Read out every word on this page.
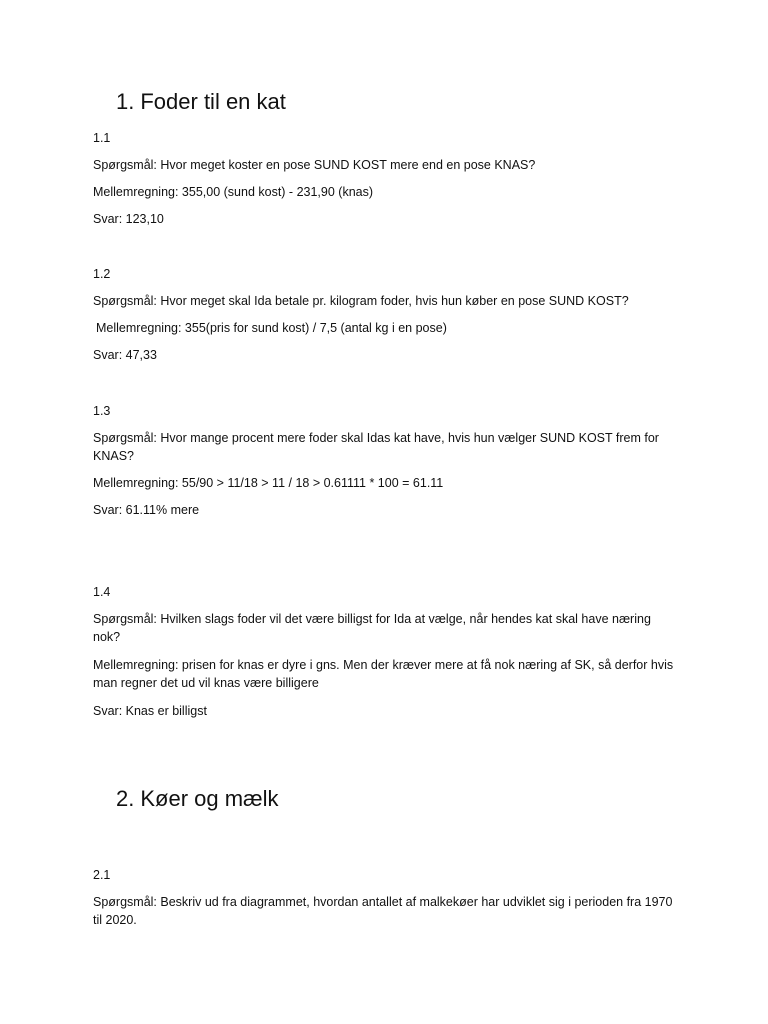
1. Foder til en kat
1.1
Spørgsmål: Hvor meget koster en pose SUND KOST mere end en pose KNAS?
Mellemregning: 355,00 (sund kost) - 231,90 (knas)
Svar: 123,10
1.2
Spørgsmål: Hvor meget skal Ida betale pr. kilogram foder, hvis hun køber en pose SUND KOST?
Mellemregning: 355(pris for sund kost) / 7,5 (antal kg i en pose)
Svar: 47,33
1.3
Spørgsmål: Hvor mange procent mere foder skal Idas kat have, hvis hun vælger SUND KOST frem for KNAS?
Mellemregning: 55/90 > 11/18 > 11 / 18 > 0.61111 * 100 = 61.11
Svar: 61.11% mere
1.4
Spørgsmål: Hvilken slags foder vil det være billigst for Ida at vælge, når hendes kat skal have næring nok?
Mellemregning: prisen for knas er dyre i gns. Men der kræver mere at få nok næring af SK, så derfor hvis man regner det ud vil knas være billigere
Svar: Knas er billigst
2. Køer og mælk
2.1
Spørgsmål: Beskriv ud fra diagrammet, hvordan antallet af malkekøer har udviklet sig i perioden fra 1970 til 2020.
